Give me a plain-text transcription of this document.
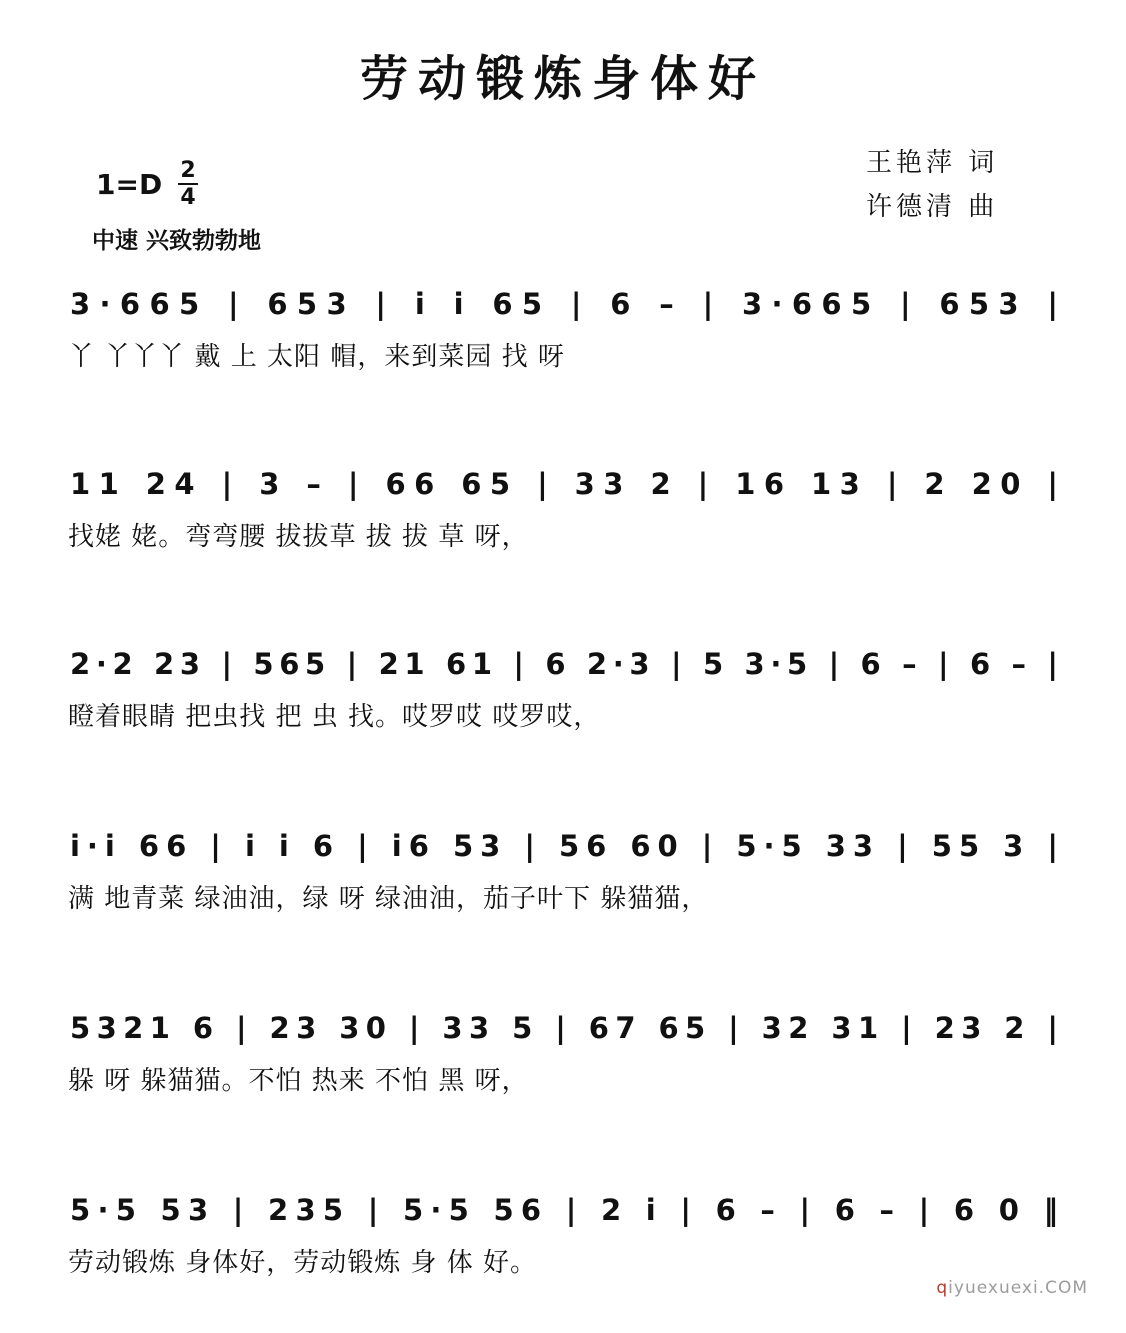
劳动锻炼身体好
王艳萍 词
许德清 曲
1=D 2
4
中速 兴致勃勃地
3·665 | 653 | i i 65 | 6 – | 3·665 | 653 |
丫 丫丫丫 戴 上 太阳 帽，来到菜园 找 呀
11 24 | 3 – | 66 65 | 33 2 | 16 13 | 2 20 |
找姥 姥。弯弯腰 拔拔草 拔 拔 草 呀，
2·2 23 | 565 | 21 61 | 6 2·3 | 5 3·5 | 6 – | 6 – |
瞪着眼睛 把虫找 把 虫 找。哎罗哎 哎罗哎，
i·i 66 | i i 6 | i6 53 | 56 60 | 5·5 33 | 55 3 |
满 地青菜 绿油油，绿 呀 绿油油，茄子叶下 躲猫猫，
5321 6 | 23 30 | 33 5 | 67 65 | 32 31 | 23 2 |
躲 呀 躲猫猫。不怕 热来 不怕 黑 呀，
5·5 53 | 235 | 5·5 56 | 2 i | 6 – | 6 – | 6 0 ‖
劳动锻炼 身体好，劳动锻炼 身 体 好。
qiyuexuexi.COM
